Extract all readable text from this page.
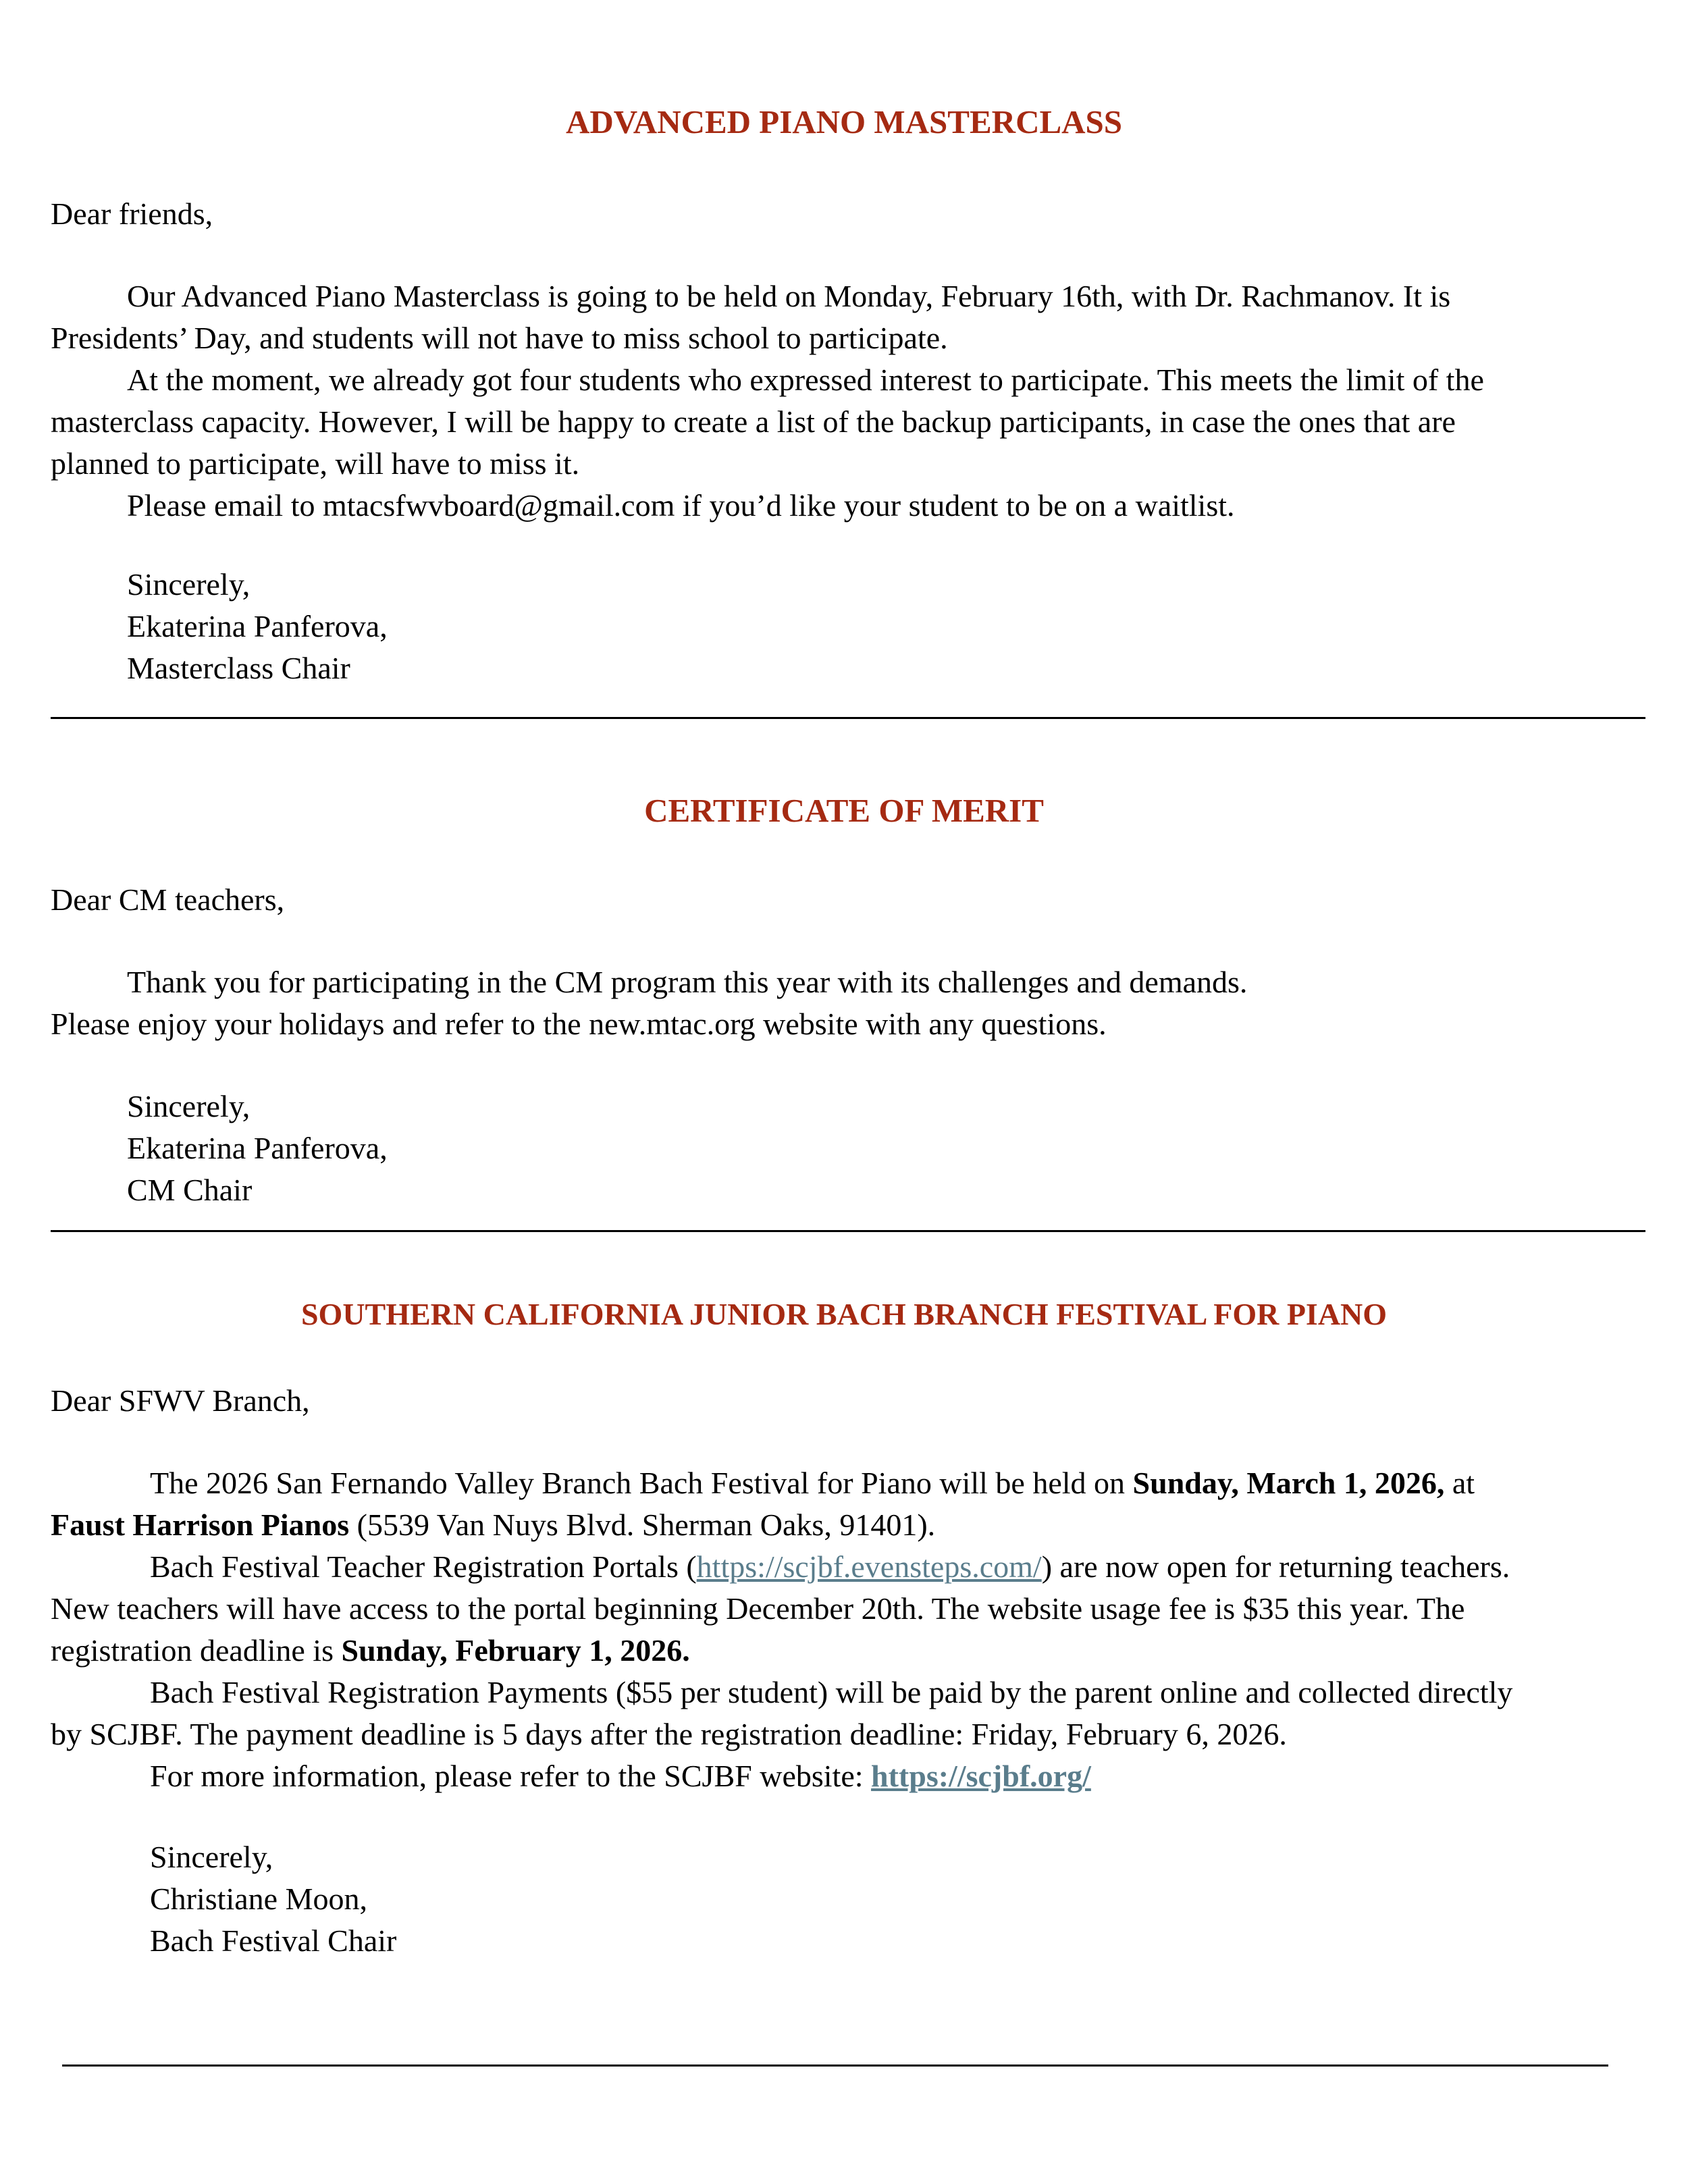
ADVANCED PIANO MASTERCLASS
Dear friends,
Our Advanced Piano Masterclass is going to be held on Monday, February 16th, with Dr. Rachmanov. It is
Presidents’ Day, and students will not have to miss school to participate.
At the moment, we already got four students who expressed interest to participate. This meets the limit of the
masterclass capacity. However, I will be happy to create a list of the backup participants, in case the ones that are
planned to participate, will have to miss it.
Please email to mtacsfwvboard@gmail.com if you’d like your student to be on a waitlist.
Sincerely,
Ekaterina Panferova,
Masterclass Chair
CERTIFICATE OF MERIT
Dear CM teachers,
Thank you for participating in the CM program this year with its challenges and demands.
Please enjoy your holidays and refer to the new.mtac.org website with any questions.
Sincerely,
Ekaterina Panferova,
CM Chair
SOUTHERN CALIFORNIA JUNIOR BACH BRANCH FESTIVAL FOR PIANO
Dear SFWV Branch,
The 2026 San Fernando Valley Branch Bach Festival for Piano will be held on Sunday, March 1, 2026, at
Faust Harrison Pianos (5539 Van Nuys Blvd. Sherman Oaks, 91401).
Bach Festival Teacher Registration Portals (https://scjbf.evensteps.com/) are now open for returning teachers.
New teachers will have access to the portal beginning December 20th. The website usage fee is $35 this year. The
registration deadline is Sunday, February 1, 2026.
Bach Festival Registration Payments ($55 per student) will be paid by the parent online and collected directly
by SCJBF. The payment deadline is 5 days after the registration deadline: Friday, February 6, 2026.
For more information, please refer to the SCJBF website: https://scjbf.org/
Sincerely,
Christiane Moon,
Bach Festival Chair
